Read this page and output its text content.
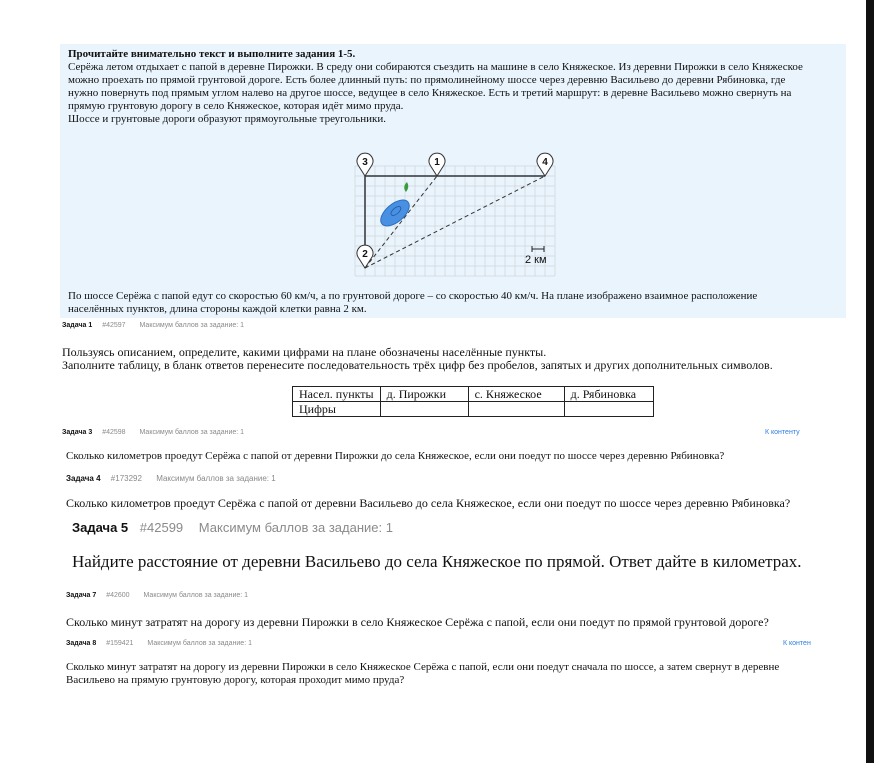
Прочитайте внимательно текст и выполните задания 1-5.
Серёжа летом отдыхает с папой в деревне Пирожки. В среду они собираются съездить на машине в село Княжеское. Из деревни Пирожки в село Княжеское
можно проехать по прямой грунтовой дороге. Есть более длинный путь: по прямолинейному шоссе через деревню Васильево до деревни Рябиновка, где
нужно повернуть под прямым углом налево на другое шоссе, ведущее в село Княжеское. Есть и третий маршрут: в деревне Васильево можно свернуть на
прямую грунтовую дорогу в село Княжеское, которая идёт мимо пруда.
Шоссе и грунтовые дороги образуют прямоугольные треугольники.
2 км
3	1	4
2
По шоссе Серёжа с папой едут со скоростью 60 км/ч, а по грунтовой дороге – со скоростью 40 км/ч. На плане изображено взаимное расположение
населённых пунктов, длина стороны каждой клетки равна 2 км.
Задача 1 #42597 Максимум баллов за задание: 1
Пользуясь описанием, определите, какими цифрами на плане обозначены населённые пункты.
Заполните таблицу, в бланк ответов перенесите последовательность трёх цифр без пробелов, запятых и других дополнительных символов.
Насел. пункты	д. Пирожки	с. Княжеское	д. Рябиновка
Цифры			
Задача 3 #42598 Максимум баллов за задание: 1	К контенту
Сколько километров проедут Серёжа с папой от деревни Пирожки до села Княжеское, если они поедут по шоссе через деревню Рябиновка?
Задача 4 #173292 Максимум баллов за задание: 1
Сколько километров проедут Серёжа с папой от деревни Васильево до села Княжеское, если они поедут по шоссе через деревню Рябиновка?
Задача 5 #42599 Максимум баллов за задание: 1
Найдите расстояние от деревни Васильево до села Княжеское по прямой. Ответ дайте в километрах.
Задача 7 #42600 Максимум баллов за задание: 1
Сколько минут затратят на дорогу из деревни Пирожки в село Княжеское Серёжа с папой, если они поедут по прямой грунтовой дороге?
Задача 8 #159421 Максимум баллов за задание: 1	К контен
Сколько минут затратят на дорогу из деревни Пирожки в село Княжеское Серёжа с папой, если они поедут сначала по шоссе, а затем свернут в деревне
Васильево на прямую грунтовую дорогу, которая проходит мимо пруда?
